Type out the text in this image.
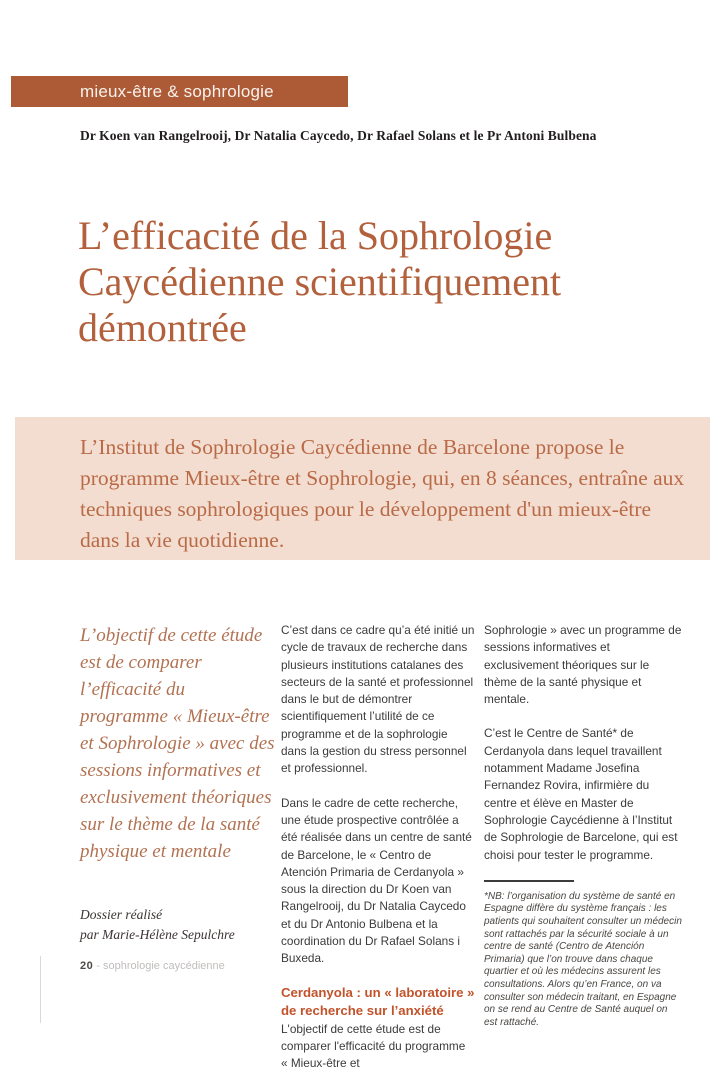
mieux-être & sophrologie
Dr Koen van Rangelrooij, Dr Natalia Caycedo, Dr Rafael Solans et le Pr Antoni Bulbena
L’efficacité de la Sophrologie Caycédienne scientifiquement démontrée
L’Institut de Sophrologie Caycédienne de Barcelone propose le programme Mieux-être et Sophrologie, qui, en 8 séances, entraîne aux techniques sophrologiques pour le développement d'un mieux-être dans la vie quotidienne.
L’objectif de cette étude est de comparer l’efficacité du programme « Mieux-être et Sophrologie » avec des sessions informatives et exclusivement théoriques sur le thème de la santé physique et mentale
Dossier réalisé
par Marie-Hélène Sepulchre

C’est dans ce cadre qu’a été initié un cycle de travaux de recherche dans plusieurs institutions catalanes des secteurs de la santé et professionnel dans le but de démontrer scientifiquement l’utilité de ce programme et de la sophrologie dans la gestion du stress personnel et professionnel.

Dans le cadre de cette recherche, une étude prospective contrôlée a été réalisée dans un centre de santé de Barcelone, le « Centro de Atención Primaria de Cerdanyola » sous la direction du Dr Koen van Rangelrooij, du Dr Natalia Caycedo et du Dr Antonio Bulbena et la coordination du Dr Rafael Solans i Buxeda.

Cerdanyola : un « laboratoire » de recherche sur l’anxiété

L'objectif de cette étude est de comparer l'efficacité du programme « Mieux-être et

Sophrologie » avec un programme de sessions informatives et exclusivement théoriques sur le thème de la santé physique et mentale.

C’est le Centre de Santé* de Cerdanyola dans lequel travaillent notamment Madame Josefina Fernandez Rovira, infirmière du centre et élève en Master de Sophrologie Caycédienne à l’Institut de Sophrologie de Barcelone, qui est choisi pour tester le programme.

*NB: l’organisation du système de santé en Espagne diffère du système français : les patients qui souhaitent consulter un médecin sont rattachés par la sécurité sociale à un centre de santé (Centro de Atención Primaria) que l’on trouve dans chaque quartier et où les médecins assurent les consultations. Alors qu’en France, on va consulter son médecin traitant, en Espagne on se rend au Centre de Santé auquel on est rattaché.
20 - sophrologie caycédienne
